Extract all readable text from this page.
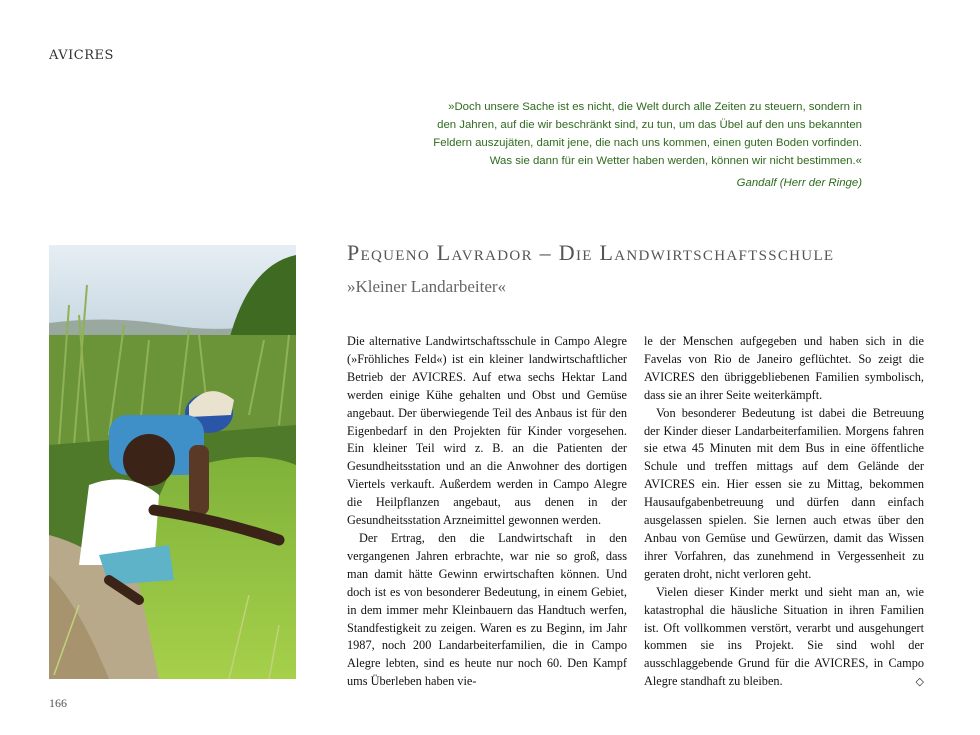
AVICRES
»Doch unsere Sache ist es nicht, die Welt durch alle Zeiten zu steuern, sondern in
den Jahren, auf die wir beschränkt sind, zu tun, um das Übel auf den uns bekannten
Feldern auszujäten, damit jene, die nach uns kommen, einen guten Boden vorfinden.
Was sie dann für ein Wetter haben werden, können wir nicht bestimmen.«
Gandalf (Herr der Ringe)
Pequeno Lavrador – Die Landwirtschaftsschule
»Kleiner Landarbeiter«

Die alternative Landwirtschaftsschule in Campo Alegre (»Fröhliches Feld«) ist ein kleiner landwirtschaftlicher Betrieb der AVICRES. Auf etwa sechs Hektar Land werden einige Kühe gehalten und Obst und Gemüse angebaut. Der überwiegende Teil des Anbaus ist für den Eigenbedarf in den Projekten für Kinder vorgesehen. Ein kleiner Teil wird z. B. an die Patienten der Gesundheitsstation und an die Anwohner des dortigen Viertels verkauft. Außerdem werden in Campo Alegre die Heilpflanzen angebaut, aus denen in der Gesundheitsstation Arzneimittel gewonnen werden.

Der Ertrag, den die Landwirtschaft in den vergangenen Jahren erbrachte, war nie so groß, dass man damit hätte Gewinn erwirtschaften können. Und doch ist es von besonderer Bedeutung, in einem Gebiet, in dem immer mehr Kleinbauern das Handtuch werfen, Standfestigkeit zu zeigen. Waren es zu Beginn, im Jahr 1987, noch 200 Landarbeiterfamilien, die in Campo Alegre lebten, sind es heute nur noch 60. Den Kampf ums Überleben haben vie-

le der Menschen aufgegeben und haben sich in die Favelas von Rio de Janeiro geflüchtet. So zeigt die AVICRES den übriggebliebenen Familien symbolisch, dass sie an ihrer Seite weiterkämpft.

Von besonderer Bedeutung ist dabei die Betreuung der Kinder dieser Landarbeiterfamilien. Morgens fahren sie etwa 45 Minuten mit dem Bus in eine öffentliche Schule und treffen mittags auf dem Gelände der AVICRES ein. Hier essen sie zu Mittag, bekommen Hausaufgabenbetreuung und dürfen dann einfach ausgelassen spielen. Sie lernen auch etwas über den Anbau von Gemüse und Gewürzen, damit das Wissen ihrer Vorfahren, das zunehmend in Vergessenheit zu geraten droht, nicht verloren geht.

Vielen dieser Kinder merkt und sieht man an, wie katastrophal die häusliche Situation in ihren Familien ist. Oft vollkommen verstört, verarbt und ausgehungert kommen sie ins Projekt. Sie sind wohl der ausschlaggebende Grund für die AVICRES, in Campo Alegre standhaft zu bleiben.	◇

166
